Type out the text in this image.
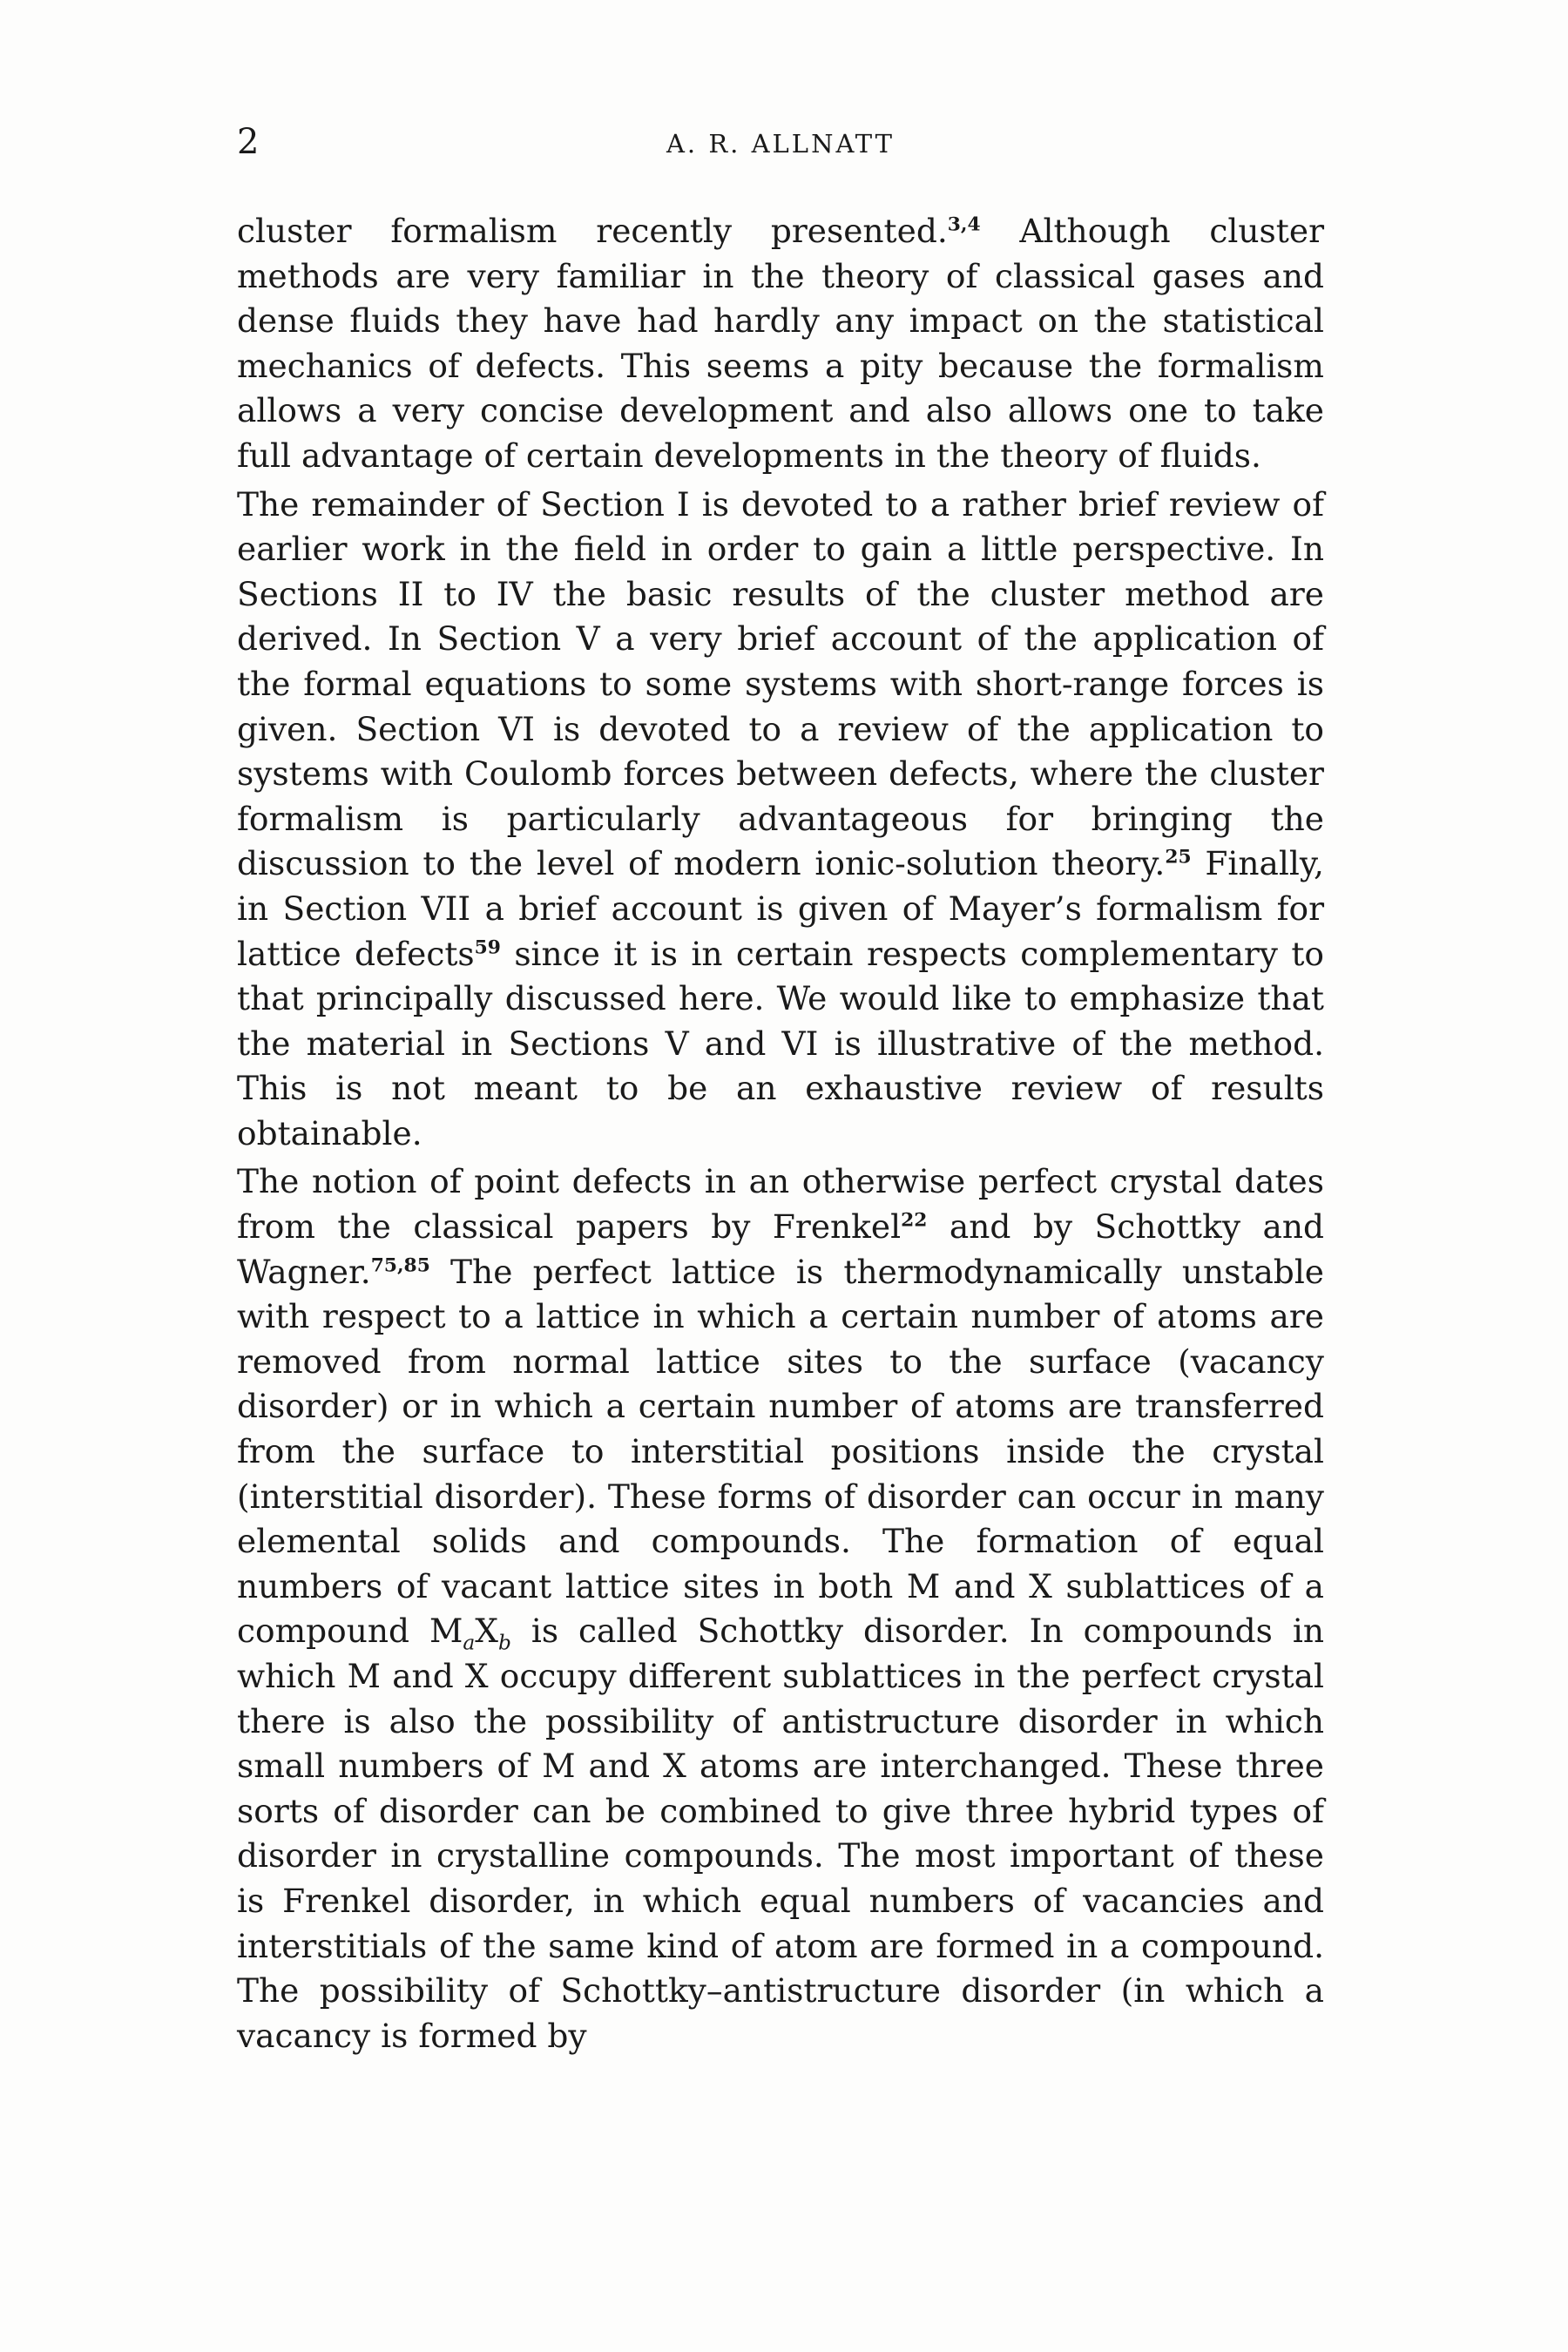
2	A. R. ALLNATT

cluster formalism recently presented.$^{3,4}$ Although cluster methods are very familiar in the theory of classical gases and dense fluids they have had hardly any impact on the statistical mechanics of defects. This seems a pity because the formalism allows a very concise development and also allows one to take full advantage of certain developments in the theory of fluids.

The remainder of Section I is devoted to a rather brief review of earlier work in the field in order to gain a little perspective. In Sections II to IV the basic results of the cluster method are derived. In Section V a very brief account of the application of the formal equations to some systems with short-range forces is given. Section VI is devoted to a review of the application to systems with Coulomb forces between defects, where the cluster formalism is particularly advantageous for bringing the discussion to the level of modern ionic-solution theory.$^{25}$ Finally, in Section VII a brief account is given of Mayer’s formalism for lattice defects$^{59}$ since it is in certain respects complementary to that principally discussed here. We would like to emphasize that the material in Sections V and VI is illustrative of the method. This is not meant to be an exhaustive review of results obtainable.

The notion of point defects in an otherwise perfect crystal dates from the classical papers by Frenkel$^{22}$ and by Schottky and Wagner.$^{75,85}$ The perfect lattice is thermodynamically unstable with respect to a lattice in which a certain number of atoms are removed from normal lattice sites to the surface (vacancy disorder) or in which a certain number of atoms are transferred from the surface to interstitial positions inside the crystal (interstitial disorder). These forms of disorder can occur in many elemental solids and compounds. The formation of equal numbers of vacant lattice sites in both M and X sublattices of a compound $M_aX_b$ is called Schottky disorder. In compounds in which M and X occupy different sublattices in the perfect crystal there is also the possibility of antistructure disorder in which small numbers of M and X atoms are interchanged. These three sorts of disorder can be combined to give three hybrid types of disorder in crystalline compounds. The most important of these is Frenkel disorder, in which equal numbers of vacancies and interstitials of the same kind of atom are formed in a compound. The possibility of Schottky–antistructure disorder (in which a vacancy is formed by
